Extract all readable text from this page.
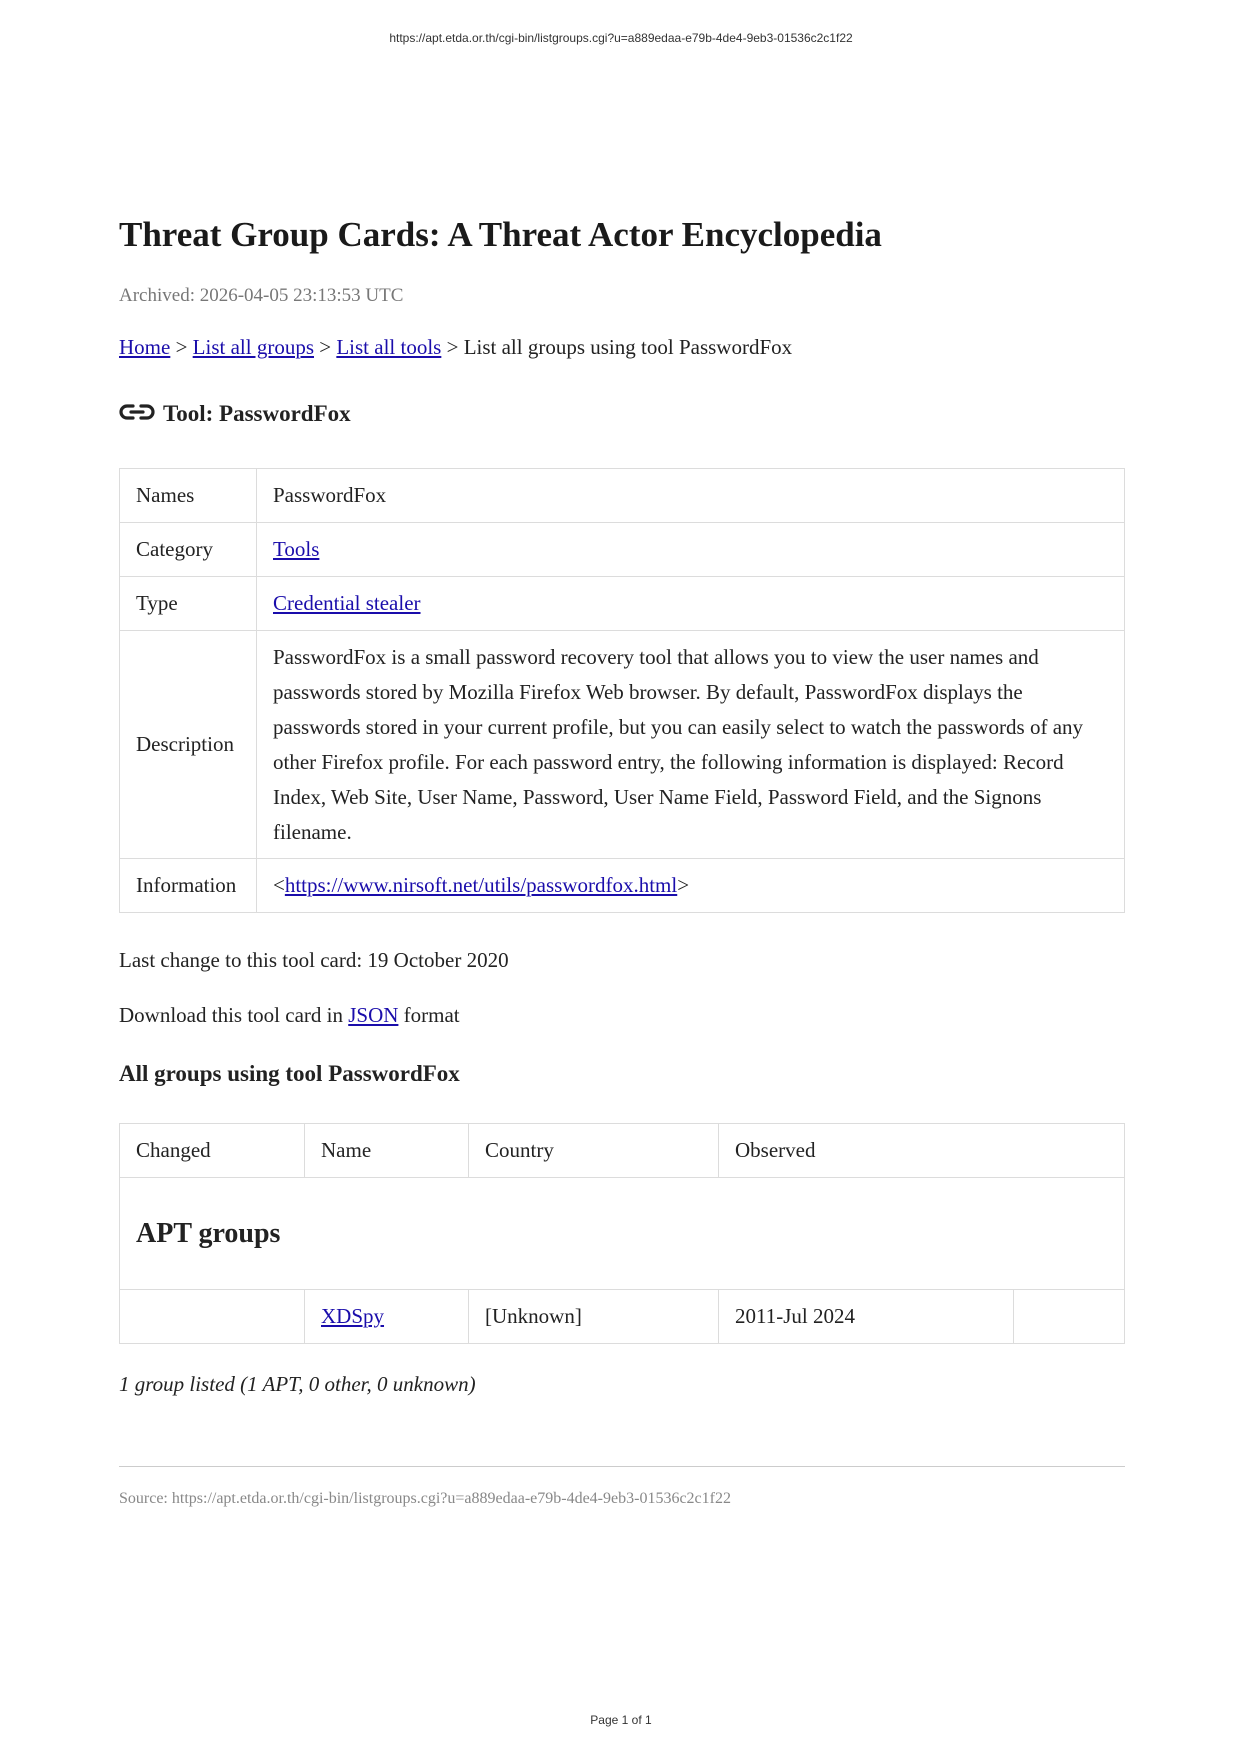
https://apt.etda.or.th/cgi-bin/listgroups.cgi?u=a889edaa-e79b-4de4-9eb3-01536c2c1f22
Threat Group Cards: A Threat Actor Encyclopedia
Archived: 2026-04-05 23:13:53 UTC
Home > List all groups > List all tools > List all groups using tool PasswordFox
Tool: PasswordFox
Names	PasswordFox
Category	Tools
Type	Credential stealer
Description	PasswordFox is a small password recovery tool that allows you to view the user names and passwords stored by Mozilla Firefox Web browser. By default, PasswordFox displays the passwords stored in your current profile, but you can easily select to watch the passwords of any other Firefox profile. For each password entry, the following information is displayed: Record Index, Web Site, User Name, Password, User Name Field, Password Field, and the Signons filename.
Information	<https://www.nirsoft.net/utils/passwordfox.html>
Last change to this tool card: 19 October 2020
Download this tool card in JSON format
All groups using tool PasswordFox
Changed	Name	Country	Observed	
APT groups				
	XDSpy	[Unknown]	2011-Jul 2024	
1 group listed (1 APT, 0 other, 0 unknown)
Source: https://apt.etda.or.th/cgi-bin/listgroups.cgi?u=a889edaa-e79b-4de4-9eb3-01536c2c1f22
Page 1 of 1
